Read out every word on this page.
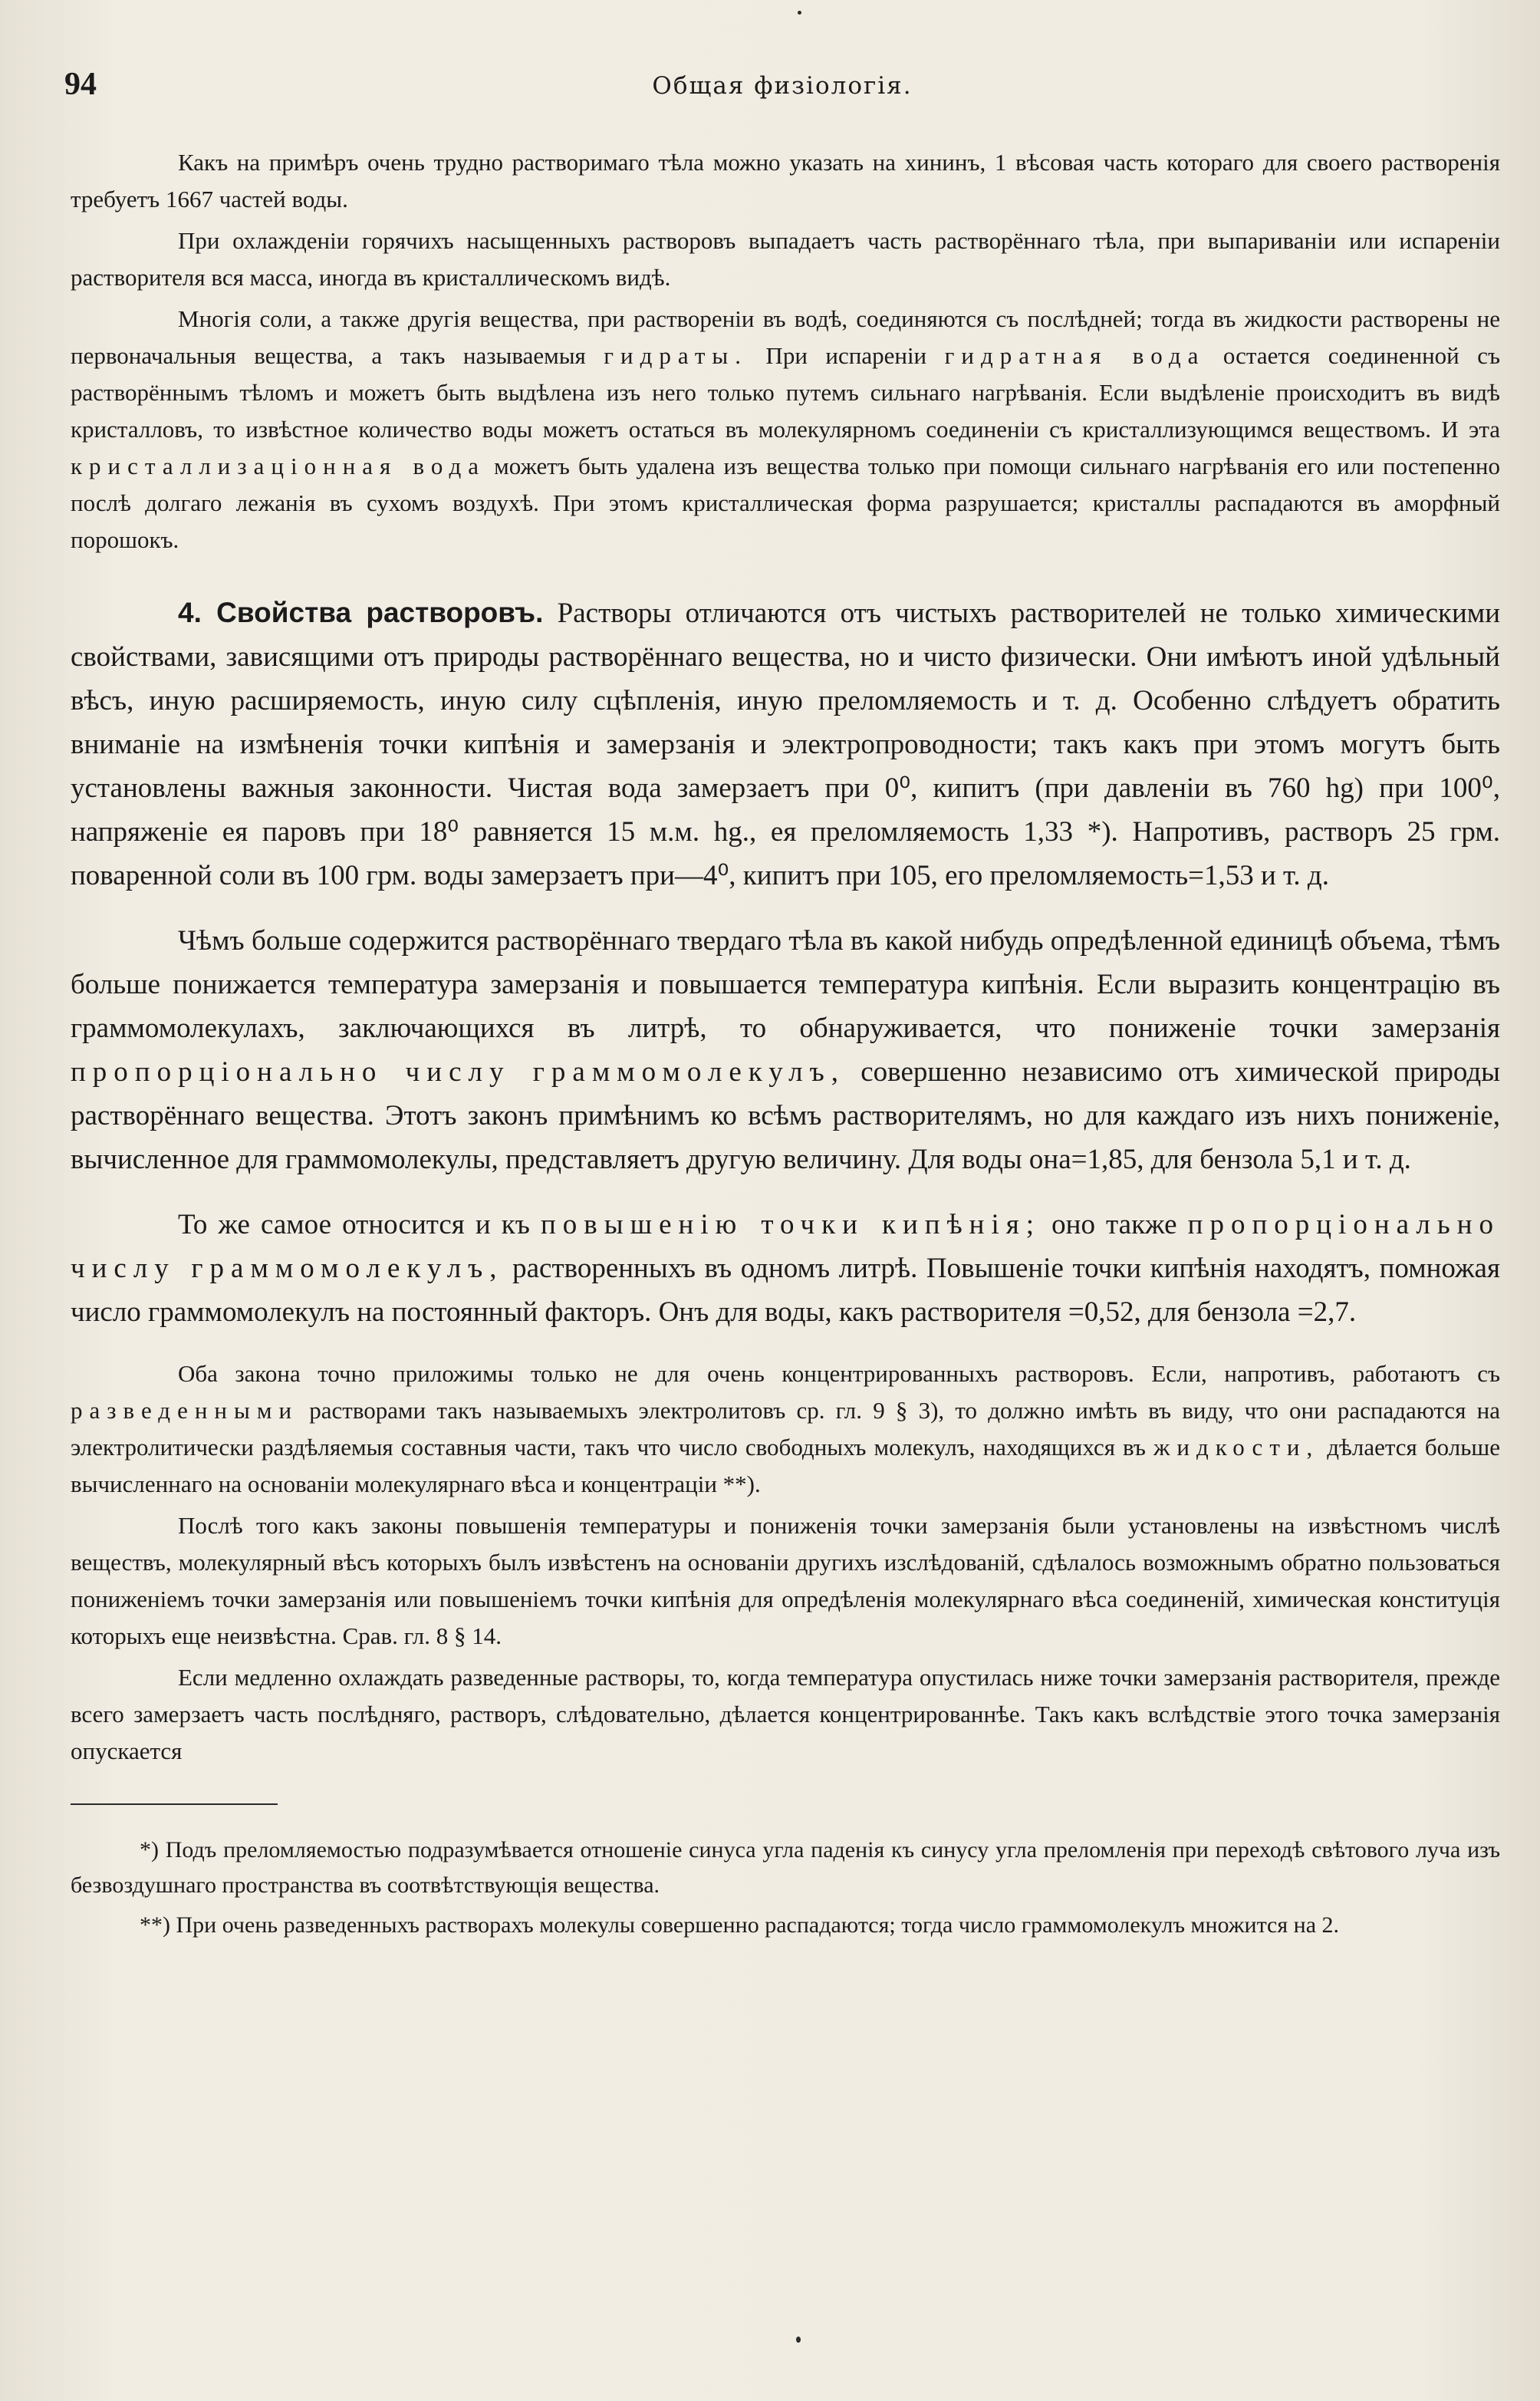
94	Общая физiологiя.

Какъ на примѣръ очень трудно растворимаго тѣла можно указать на хининъ, 1 вѣсовая часть котораго для своего растворенiя требуетъ 1667 частей воды.

При охлажденiи горячихъ насыщенныхъ растворовъ выпадаетъ часть растворённаго тѣла, при выпариванiи или испаренiи растворителя вся масса, иногда въ кристаллическомъ видѣ.

Многiя соли, а также другiя вещества, при растворенiи въ водѣ, соединяются съ послѣдней; тогда въ жидкости растворены не первоначальныя вещества, а такъ называемыя гидраты. При испаренiи гидратная вода остается соединенной съ растворённымъ тѣломъ и можетъ быть выдѣлена изъ него только путемъ сильнаго нагрѣванiя. Если выдѣленiе происходитъ въ видѣ кристалловъ, то извѣстное количество воды можетъ остаться въ молекулярномъ соединенiи съ кристаллизующимся веществомъ. И эта кристаллизацiонная вода можетъ быть удалена изъ вещества только при помощи сильнаго нагрѣванiя его или постепенно послѣ долгаго лежанiя въ сухомъ воздухѣ. При этомъ кристаллическая форма разрушается; кристаллы распадаются въ аморфный порошокъ.

4. Свойства растворовъ. Растворы отличаются отъ чистыхъ растворителей не только химическими свойствами, зависящими отъ природы растворённаго вещества, но и чисто физически. Они имѣютъ иной удѣльный вѣсъ, иную расширяемость, иную силу сцѣпленiя, иную преломляемость и т. д. Особенно слѣдуетъ обратить вниманiе на измѣненiя точки кипѣнiя и замерзанiя и электропроводности; такъ какъ при этомъ могутъ быть установлены важныя законности. Чистая вода замерзаетъ при 0⁰, кипитъ (при давленiи въ 760 hg) при 100⁰, напряженiе ея паровъ при 18⁰ равняется 15 м.м. hg., ея преломляемость 1,33 *). Напротивъ, растворъ 25 грм. поваренной соли въ 100 грм. воды замерзаетъ при—4⁰, кипитъ при 105, его преломляемость=1,53 и т. д.

Чѣмъ больше содержится растворённаго твердаго тѣла въ какой нибудь опредѣленной единицѣ объема, тѣмъ больше понижается температура замерзанiя и повышается температура кипѣнiя. Если выразить концентрацiю въ граммомолекулахъ, заключающихся въ литрѣ, то обнаруживается, что пониженiе точки замерзанiя пропорцiонально числу граммомолекулъ, совершенно независимо отъ химической природы растворённаго вещества. Этотъ законъ примѣнимъ ко всѣмъ растворителямъ, но для каждаго изъ нихъ пониженiе, вычисленное для граммомолекулы, представляетъ другую величину. Для воды она=1,85, для бензола 5,1 и т. д.

То же самое относится и къ повышенiю точки кипѣнiя; оно также пропорцiонально числу граммомолекулъ, растворенныхъ въ одномъ литрѣ. Повышенiе точки кипѣнiя находятъ, помножая число граммомолекулъ на постоянный факторъ. Онъ для воды, какъ растворителя =0,52, для бензола =2,7.

Оба закона точно приложимы только не для очень концентрированныхъ растворовъ. Если, напротивъ, работаютъ съ разведенными растворами такъ называемыхъ электролитовъ ср. гл. 9 § 3), то должно имѣть въ виду, что они распадаются на электролитически раздѣляемыя составныя части, такъ что число свободныхъ молекулъ, находящихся въ жидкости, дѣлается больше вычисленнаго на основанiи молекулярнаго вѣса и концентрацiи **).

Послѣ того какъ законы повышенiя температуры и пониженiя точки замерзанiя были установлены на извѣстномъ числѣ веществъ, молекулярный вѣсъ которыхъ былъ извѣстенъ на основанiи другихъ изслѣдованiй, сдѣлалось возможнымъ обратно пользоваться пониженiемъ точки замерзанiя или повышенiемъ точки кипѣнiя для опредѣленiя молекулярнаго вѣса соединенiй, химическая конституцiя которыхъ еще неизвѣстна. Срав. гл. 8 § 14.

Если медленно охлаждать разведенные растворы, то, когда температура опустилась ниже точки замерзанiя растворителя, прежде всего замерзаетъ часть послѣдняго, растворъ, слѣдовательно, дѣлается концентрированнѣе. Такъ какъ вслѣдствiе этого точка замерзанiя опускается

*) Подъ преломляемостью подразумѣвается отношенiе синуса угла паденiя къ синусу угла преломленiя при переходѣ свѣтового луча изъ безвоздушнаго пространства въ соотвѣтствующiя вещества.

**) При очень разведенныхъ растворахъ молекулы совершенно распадаются; тогда число граммомолекулъ множится на 2.
